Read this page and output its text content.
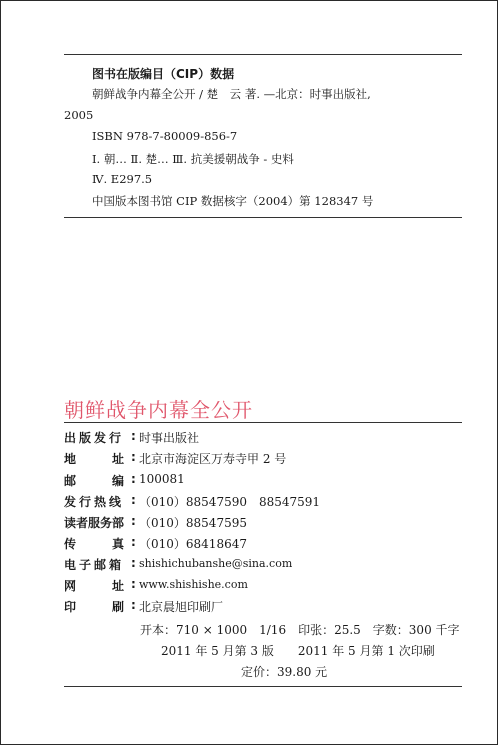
图书在版编目（CIP）数据
朝鲜战争内幕全公开 / 楚　云 著. —北京：时事出版社,
2005
ISBN 978-7-80009-856-7
Ⅰ. 朝… Ⅱ. 楚… Ⅲ. 抗美援朝战争 - 史料
Ⅳ. E297.5
中国版本图书馆 CIP 数据核字（2004）第 128347 号
朝鲜战争内幕全公开
出版发行 : 时事出版社
地	址 : 北京市海淀区万寿寺甲 2 号
邮	编 : 100081
发行热线 : （010）88547590　88547591
读者服务部 : （010）88547595
传	真 : （010）68418647
电子邮箱 : shishichubanshe@sina.com
网	址 : www.shishishe.com
印	刷 : 北京晨旭印刷厂
开本：710 × 1000　1/16　印张：25.5　字数：300 千字
2011 年 5 月第 3 版　　2011 年 5 月第 1 次印刷
定价：39.80 元
